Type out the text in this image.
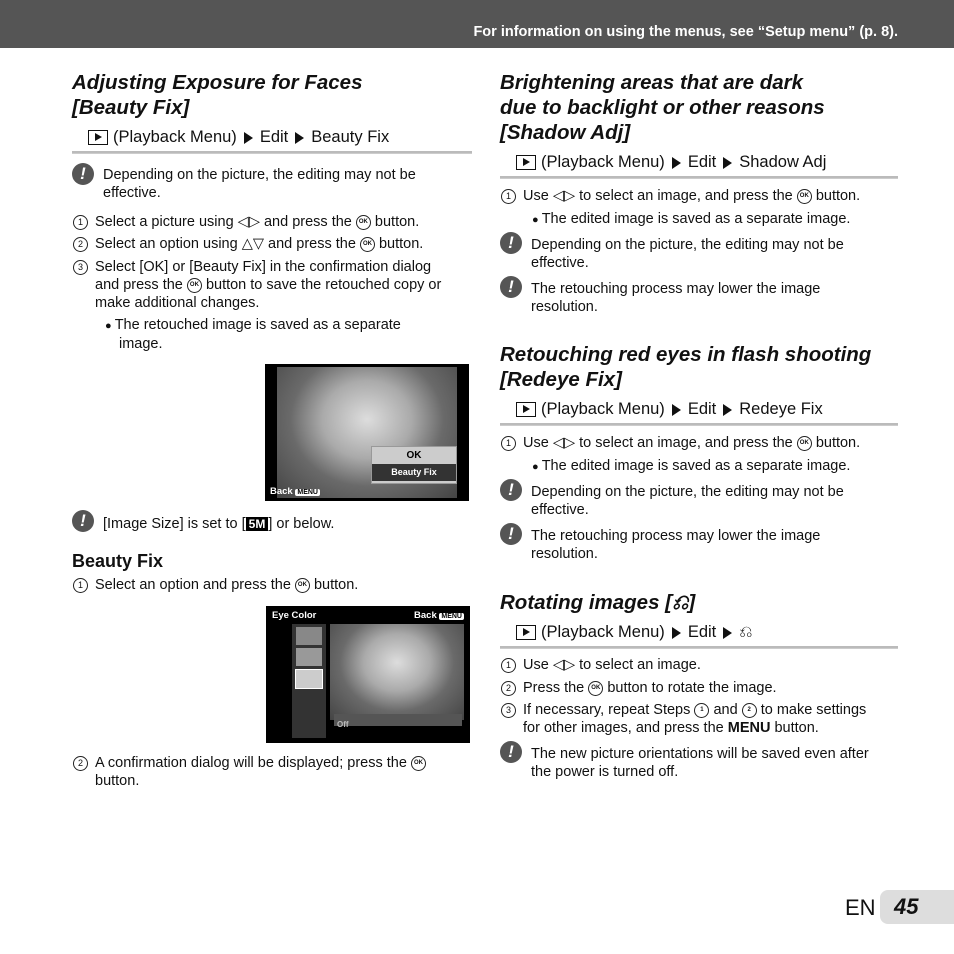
For information on using the menus, see “Setup menu” (p. 8).
Adjusting Exposure for Faces
[Beauty Fix]
(Playback Menu) Edit Beauty Fix
!	Depending on the picture, the editing may not be effective.
1 Select a picture using ◁▷ and press the OK button.
2 Select an option using △▽ and press the OK button.
3 Select [OK] or [Beauty Fix] in the confirmation dialog
and press the OK button to save the retouched copy or
make additional changes.
● The retouched image is saved as a separate
image.
OK
Beauty Fix
Back MENU
!	[Image Size] is set to [ 5M ] or below.
Beauty Fix
1 Select an option and press the OK button.
Eye Color	Back MENU
Off
2 A confirmation dialog will be displayed; press the OK
button.
Brightening areas that are dark
due to backlight or other reasons
[Shadow Adj]
(Playback Menu) Edit Shadow Adj
1 Use ◁▷ to select an image, and press the OK button.
● The edited image is saved as a separate image.
!	Depending on the picture, the editing may not be
effective.
!	The retouching process may lower the image
resolution.
Retouching red eyes in flash shooting
[Redeye Fix]
(Playback Menu) Edit Redeye Fix
1 Use ◁▷ to select an image, and press the OK button.
● The edited image is saved as a separate image.
!	Depending on the picture, the editing may not be
effective.
!	The retouching process may lower the image
resolution.
Rotating images [⎌]
(Playback Menu) Edit ⎌
1 Use ◁▷ to select an image.
2 Press the OK button to rotate the image.
3 If necessary, repeat Steps 1 and 2 to make settings
for other images, and press the MENU button.
!	The new picture orientations will be saved even after
the power is turned off.
EN 45
